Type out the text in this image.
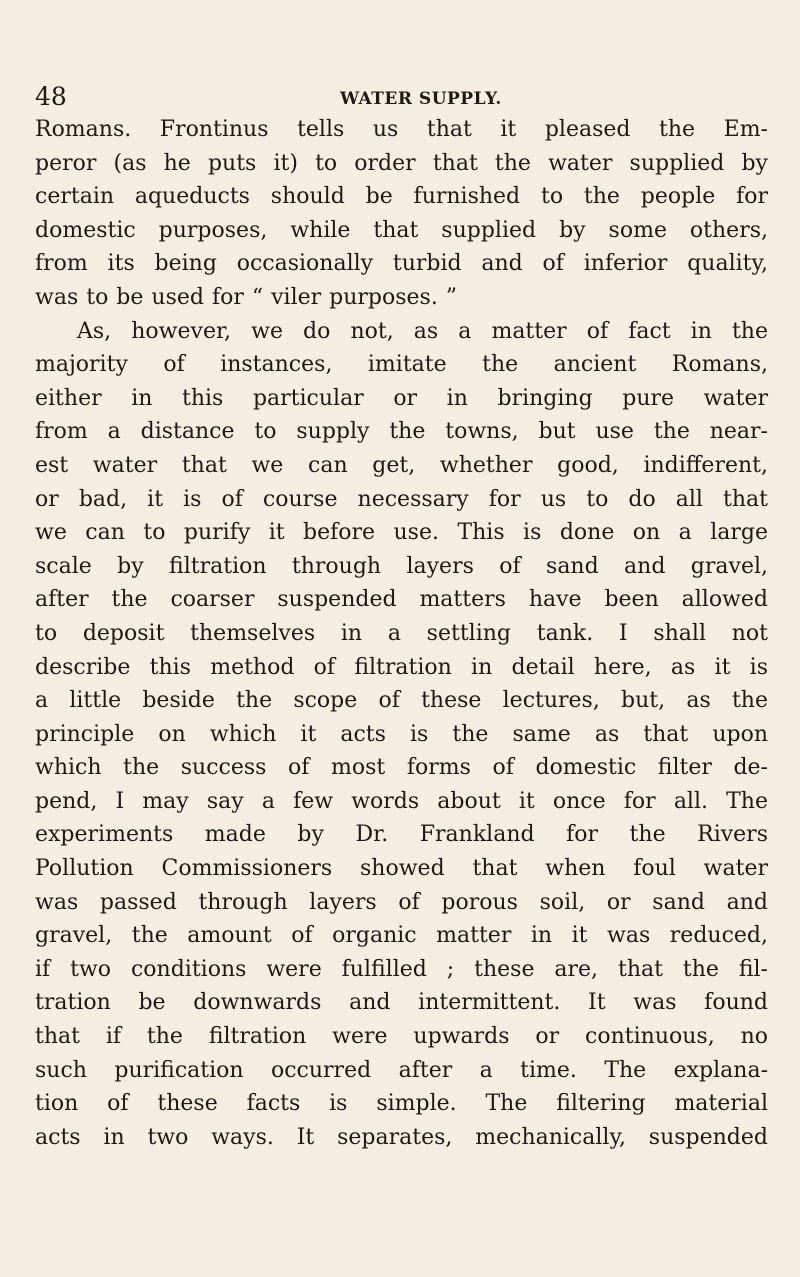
48	WATER SUPPLY.
Romans. Frontinus tells us that it pleased the Em-
peror (as he puts it) to order that the water supplied by
certain aqueducts should be furnished to the people for
domestic purposes, while that supplied by some others,
from its being occasionally turbid and of inferior quality,
was to be used for “ viler purposes. ”
As, however, we do not, as a matter of fact in the
majority of instances, imitate the ancient Romans,
either in this particular or in bringing pure water
from a distance to supply the towns, but use the near-
est water that we can get, whether good, indifferent,
or bad, it is of course necessary for us to do all that
we can to purify it before use. This is done on a large
scale by filtration through layers of sand and gravel,
after the coarser suspended matters have been allowed
to deposit themselves in a settling tank. I shall not
describe this method of filtration in detail here, as it is
a little beside the scope of these lectures, but, as the
principle on which it acts is the same as that upon
which the success of most forms of domestic filter de-
pend, I may say a few words about it once for all. The
experiments made by Dr. Frankland for the Rivers
Pollution Commissioners showed that when foul water
was passed through layers of porous soil, or sand and
gravel, the amount of organic matter in it was reduced,
if two conditions were fulfilled ; these are, that the fil-
tration be downwards and intermittent. It was found
that if the filtration were upwards or continuous, no
such purification occurred after a time. The explana-
tion of these facts is simple. The filtering material
acts in two ways. It separates, mechanically, suspended
